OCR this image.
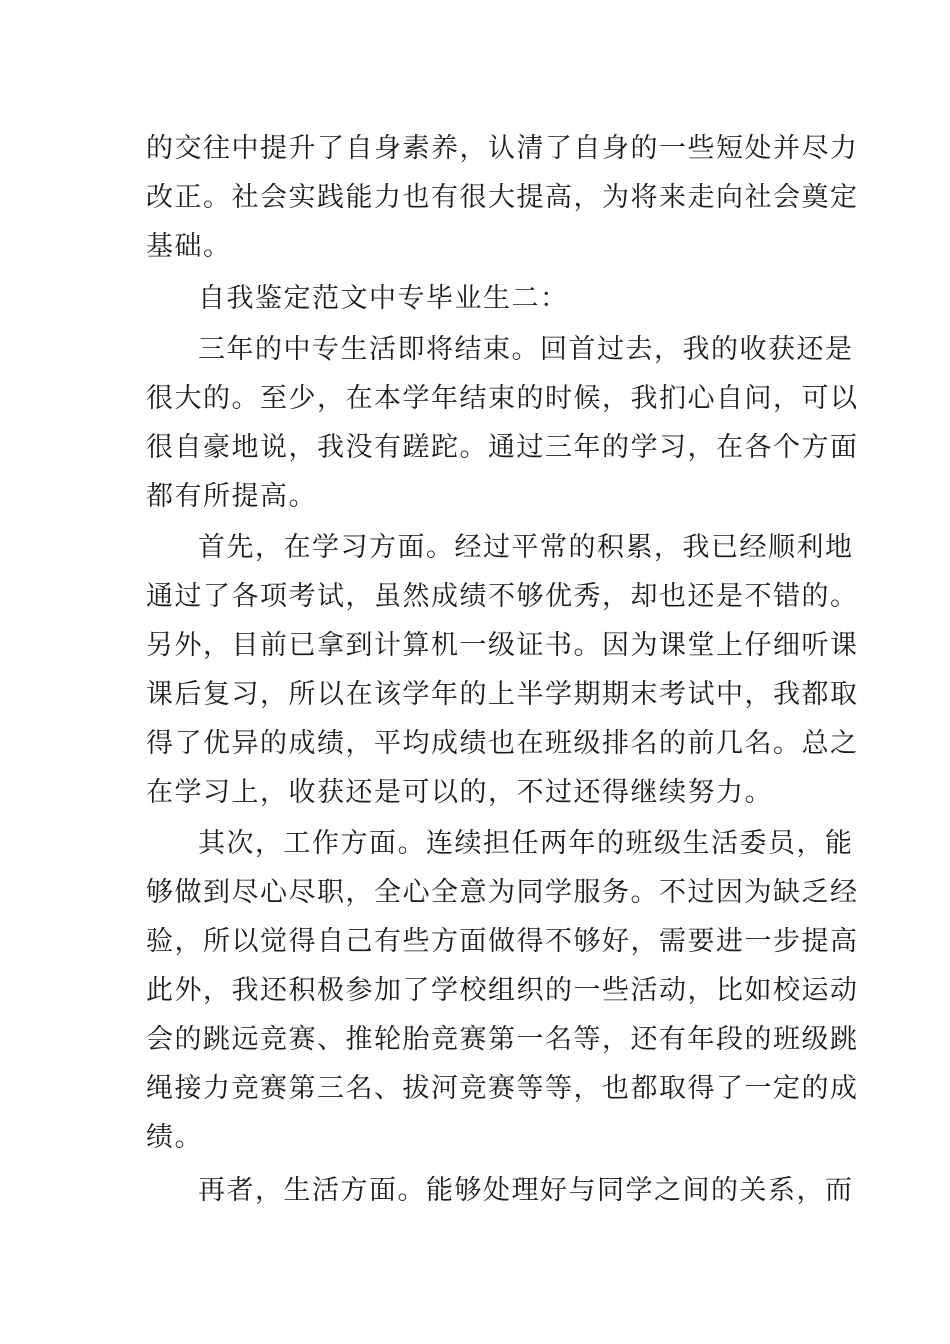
的交往中提升了自身素养，认清了自身的一些短处并尽力
改正。社会实践能力也有很大提高，为将来走向社会奠定
基础。
自我鉴定范文中专毕业生二：
三年的中专生活即将结束。回首过去，我的收获还是
很大的。至少，在本学年结束的时候，我扪心自问，可以
很自豪地说，我没有蹉跎。通过三年的学习，在各个方面
都有所提高。
首先，在学习方面。经过平常的积累，我已经顺利地
通过了各项考试，虽然成绩不够优秀，却也还是不错的。
另外，目前已拿到计算机一级证书。因为课堂上仔细听课
课后复习，所以在该学年的上半学期期末考试中，我都取
得了优异的成绩，平均成绩也在班级排名的前几名。总之
在学习上，收获还是可以的，不过还得继续努力。
其次，工作方面。连续担任两年的班级生活委员，能
够做到尽心尽职，全心全意为同学服务。不过因为缺乏经
验，所以觉得自己有些方面做得不够好，需要进一步提高
此外，我还积极参加了学校组织的一些活动，比如校运动
会的跳远竞赛、推轮胎竞赛第一名等，还有年段的班级跳
绳接力竞赛第三名、拔河竞赛等等，也都取得了一定的成
绩。
再者，生活方面。能够处理好与同学之间的关系，而
